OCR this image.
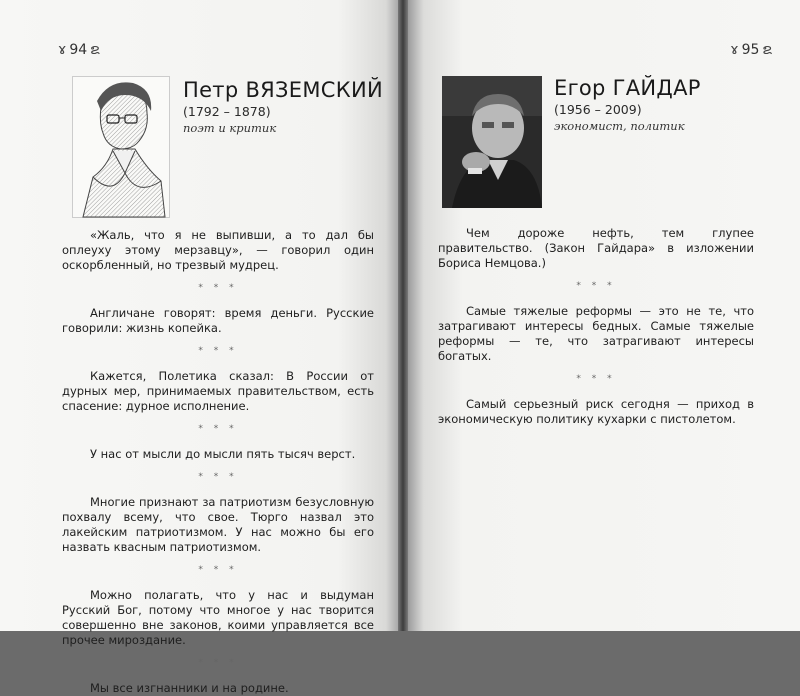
ɤ 94 ຂ
Петр ВЯЗЕМСКИЙ
(1792 – 1878)
поэт и критик

«Жаль, что я не выпивши, а то дал бы оплеуху этому мерзавцу», — говорил один оскорбленный, но трезвый мудрец.

* * *

Англичане говорят: время деньги. Русские говорили: жизнь копейка.

* * *

Кажется, Полетика сказал: В России от дурных мер, принимаемых правительством, есть спасение: дурное исполнение.

* * *

У нас от мысли до мысли пять тысяч верст.

* * *

Многие признают за патриотизм безусловную похвалу всему, что свое. Тюрго назвал это лакейским патриотизмом. У нас можно бы его назвать квасным патриотизмом.

* * *

Можно полагать, что у нас и выдуман Русский Бог, потому что многое у нас творится совершенно вне законов, коими управляется все прочее мироздание.

* * *

Мы все изгнанники и на родине.

ɤ 95 ຂ
Егор ГАЙДАР
(1956 – 2009)
экономист, политик

Чем дороже нефть, тем глупее правительство. (Закон Гайдара» в изложении Бориса Немцова.)

* * *

Самые тяжелые реформы — это не те, что затрагивают интересы бедных. Самые тяжелые реформы — те, что затрагивают интересы богатых.

* * *

Самый серьезный риск сегодня — приход в экономическую политику кухарки с пистолетом.
